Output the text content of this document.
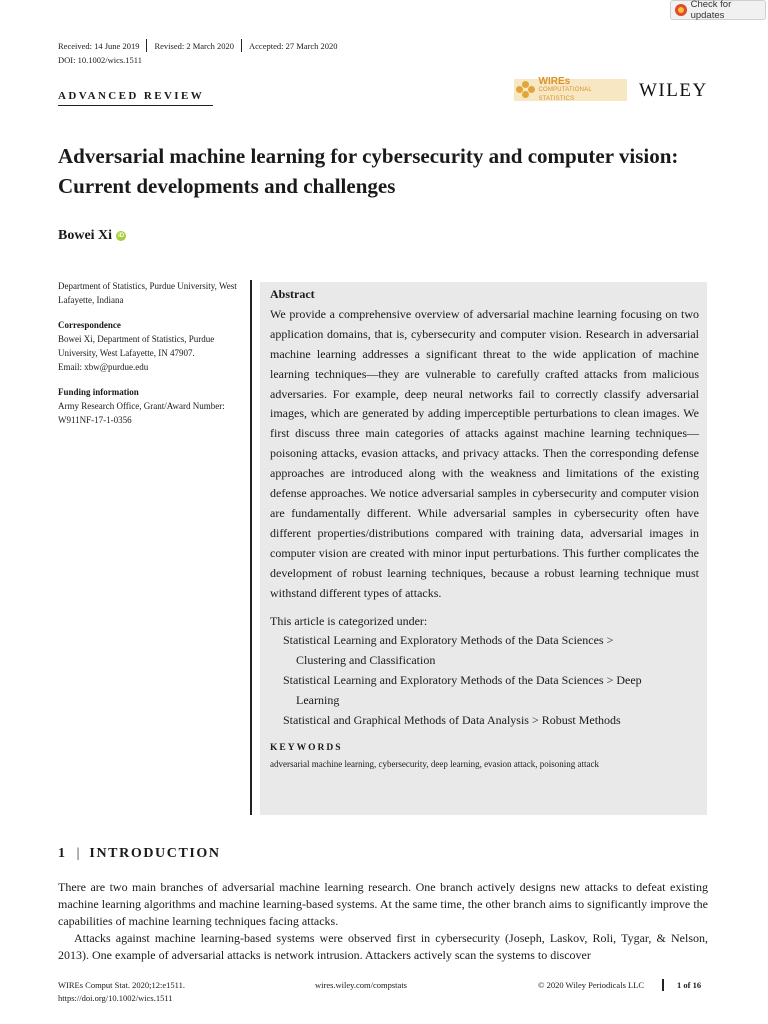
Check for updates
Received: 14 June 2019 Revised: 2 March 2020 Accepted: 27 March 2020
DOI: 10.1002/wics.1511
ADVANCED REVIEW
WIREs
COMPUTATIONAL STATISTICS	WILEY
Adversarial machine learning for cybersecurity and computer vision: Current developments and challenges
Bowei Xi	iD
Department of Statistics, Purdue University, West Lafayette, Indiana
Correspondence
Bowei Xi, Department of Statistics, Purdue University, West Lafayette, IN 47907.
Email: xbw@purdue.edu
Funding information
Army Research Office, Grant/Award Number: W911NF-17-1-0356
Abstract
We provide a comprehensive overview of adversarial machine learning focusing on two application domains, that is, cybersecurity and computer vision. Research in adversarial machine learning addresses a significant threat to the wide application of machine learning techniques—they are vulnerable to carefully crafted attacks from malicious adversaries. For example, deep neural networks fail to correctly classify adversarial images, which are generated by adding imperceptible perturbations to clean images. We first discuss three main categories of attacks against machine learning techniques—poisoning attacks, evasion attacks, and privacy attacks. Then the corresponding defense approaches are introduced along with the weakness and limitations of the existing defense approaches. We notice adversarial samples in cybersecurity and computer vision are fundamentally different. While adversarial samples in cybersecurity often have different properties/distributions compared with training data, adversarial images in computer vision are created with minor input perturbations. This further complicates the development of robust learning techniques, because a robust learning technique must withstand different types of attacks.
This article is categorized under:
Statistical Learning and Exploratory Methods of the Data Sciences >
Clustering and Classification
Statistical Learning and Exploratory Methods of the Data Sciences > Deep
Learning
Statistical and Graphical Methods of Data Analysis > Robust Methods
KEYWORDS
adversarial machine learning, cybersecurity, deep learning, evasion attack, poisoning attack
1 | INTRODUCTION

There are two main branches of adversarial machine learning research. One branch actively designs new attacks to defeat existing machine learning algorithms and machine learning-based systems. At the same time, the other branch aims to significantly improve the capabilities of machine learning techniques facing attacks.

Attacks against machine learning-based systems were observed first in cybersecurity (Joseph, Laskov, Roli, Tygar, & Nelson, 2013). One example of adversarial attacks is network intrusion. Attackers actively scan the systems to discover

WIREs Comput Stat. 2020;12:e1511.
https://doi.org/10.1002/wics.1511
wires.wiley.com/compstats	© 2020 Wiley Periodicals LLC	1 of 16
